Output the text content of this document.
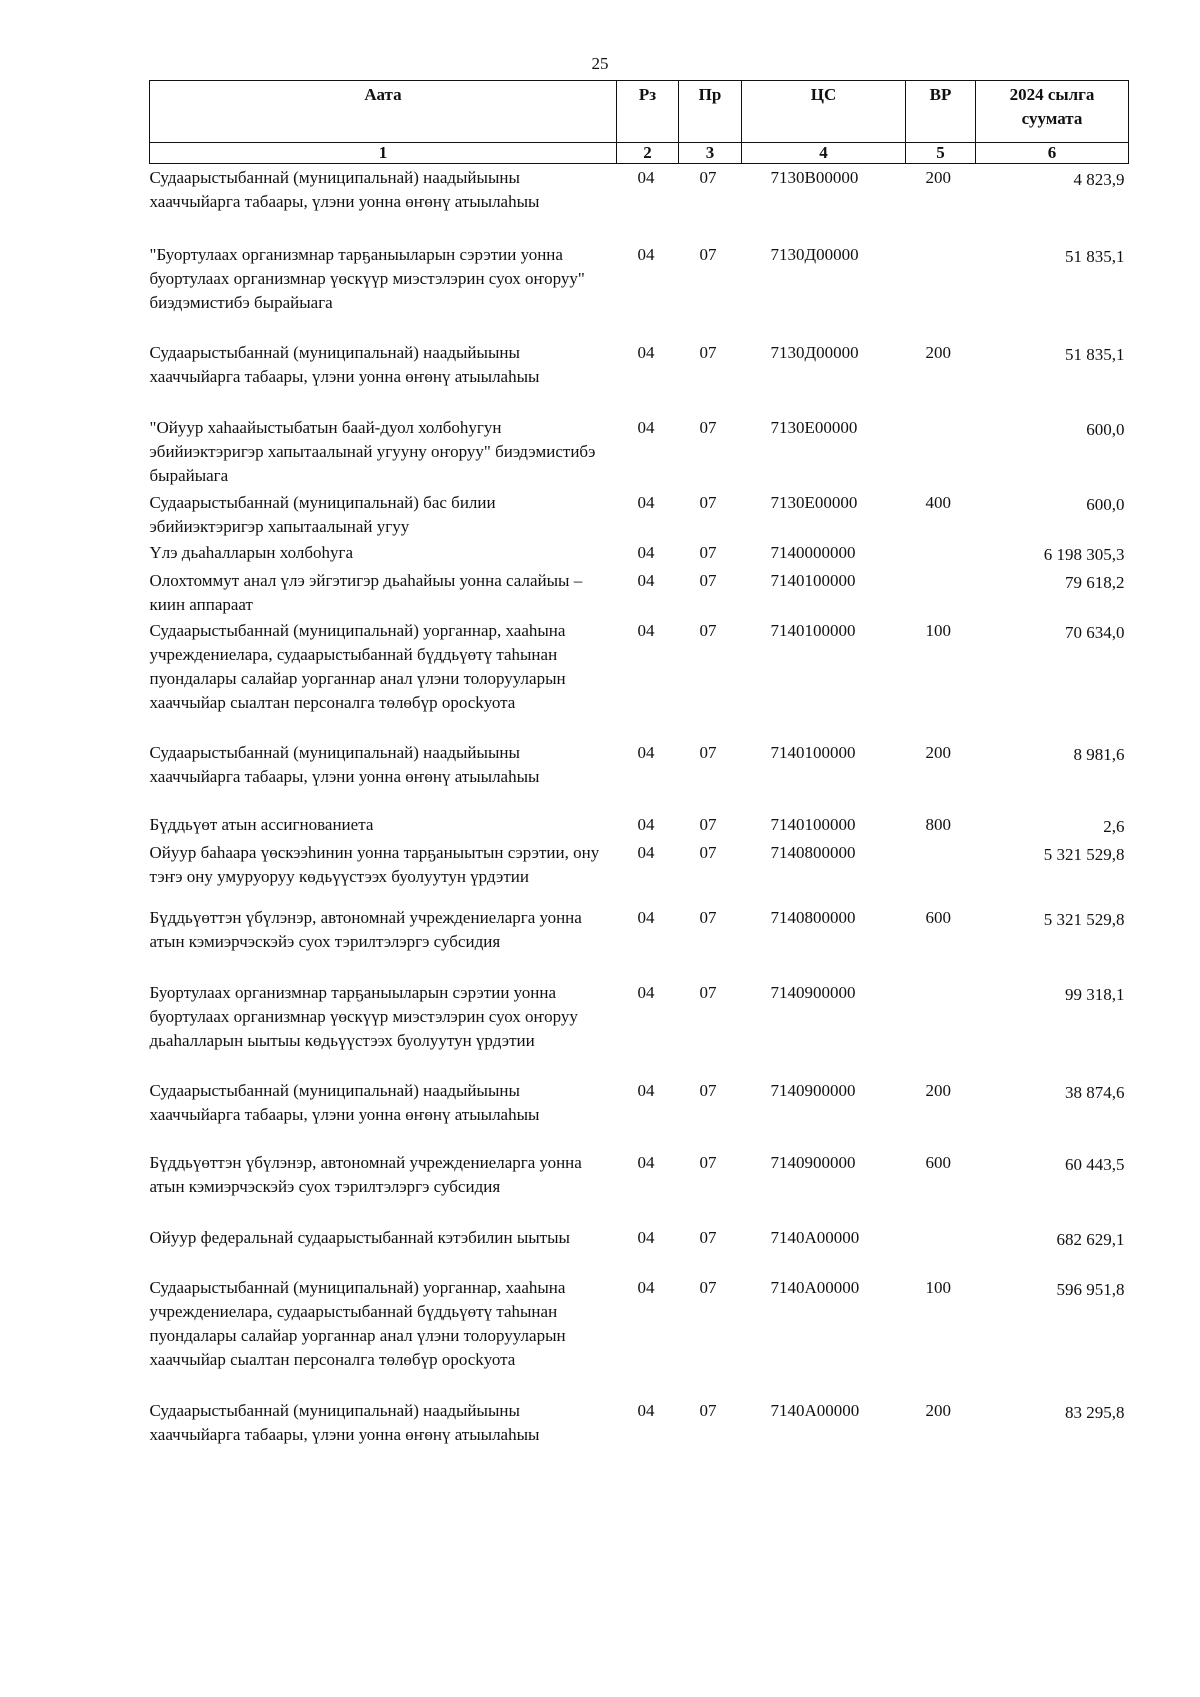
25
Аата	Рз	Пр	ЦС	ВР	2024 сылга суумата
1	2	3	4	5	6
Судаарыстыбаннай (муниципальнай) наадыйыыны хааччыйарга табаары, үлэни уонна өҥөнү атыылаһыы	04	07	7130В00000	200	4 823,9
"Буортулаах организмнар тарҕаныыларын сэрэтии уонна буортулаах организмнар үөскүүр миэстэлэрин суох оҥоруу" биэдэмистибэ бырайыага	04	07	7130Д00000		51 835,1
Судаарыстыбаннай (муниципальнай) наадыйыыны хааччыйарга табаары, үлэни уонна өҥөнү атыылаһыы	04	07	7130Д00000	200	51 835,1
"Ойуур хаһаайыстыбатын баай-дуол холбоһугун эбийиэктэригэр хапытаалынай угууну оҥоруу" биэдэмистибэ бырайыага	04	07	7130Е00000		600,0
Судаарыстыбаннай (муниципальнай) бас билии эбийиэктэригэр хапытаалынай угуу	04	07	7130Е00000	400	600,0
Үлэ дьаһалларын холбоһуга	04	07	7140000000		6 198 305,3
Олохтоммут анал үлэ эйгэтигэр дьаһайыы уонна салайыы – киин аппарaат	04	07	7140100000		79 618,2
Судаарыстыбаннай (муниципальнай) уорганнар, хааһына учреждениелара, судаарыстыбаннай бүддьүөтү таһынан пуондалары салайар уорганнар анал үлэни толорууларын хааччыйар сыалтан персоналга төлөбүр оросkуота	04	07	7140100000	100	70 634,0
Судаарыстыбаннай (муниципальнай) наадыйыыны хааччыйарга табаары, үлэни уонна өҥөнү атыылаһыы	04	07	7140100000	200	8 981,6
Бүддьүөт атын ассигнованиета	04	07	7140100000	800	2,6
Ойуур баһаара үөскээһинин уонна тарҕаныытын сэрэтии, ону тэҥэ ону умуруоруу көдьүүстээх буолуутун үрдэтии	04	07	7140800000		5 321 529,8
Бүддьүөттэн үбүлэнэр, автономнай учреждениеларга уонна атын кэмиэрчэскэйэ суох тэрилтэлэргэ субсидия	04	07	7140800000	600	5 321 529,8
Буортулаах организмнар тарҕаныыларын сэрэтии уонна буортулаах организмнар үөскүүр миэстэлэрин суох оҥоруу дьаһалларын ыытыы көдьүүстээх буолуутун үрдэтии	04	07	7140900000		99 318,1
Судаарыстыбаннай (муниципальнай) наадыйыыны хааччыйарга табаары, үлэни уонна өҥөнү атыылаһыы	04	07	7140900000	200	38 874,6
Бүддьүөттэн үбүлэнэр, автономнай учреждениеларга уонна атын кэмиэрчэскэйэ суох тэрилтэлэргэ субсидия	04	07	7140900000	600	60 443,5
Ойуур федеральнай судаарыстыбаннай кэтэбилин ыытыы	04	07	7140А00000		682 629,1
Судаарыстыбаннай (муниципальнай) уорганнар, хааһына учреждениелара, судаарыстыбаннай бүддьүөтү таһынан пуондалары салайар уорганнар анал үлэни толорууларын хааччыйар сыалтан персоналга төлөбүр оросkуота	04	07	7140А00000	100	596 951,8
Судаарыстыбаннай (муниципальнай) наадыйыыны хааччыйарга табаары, үлэни уонна өҥөнү атыылаһыы	04	07	7140А00000	200	83 295,8
